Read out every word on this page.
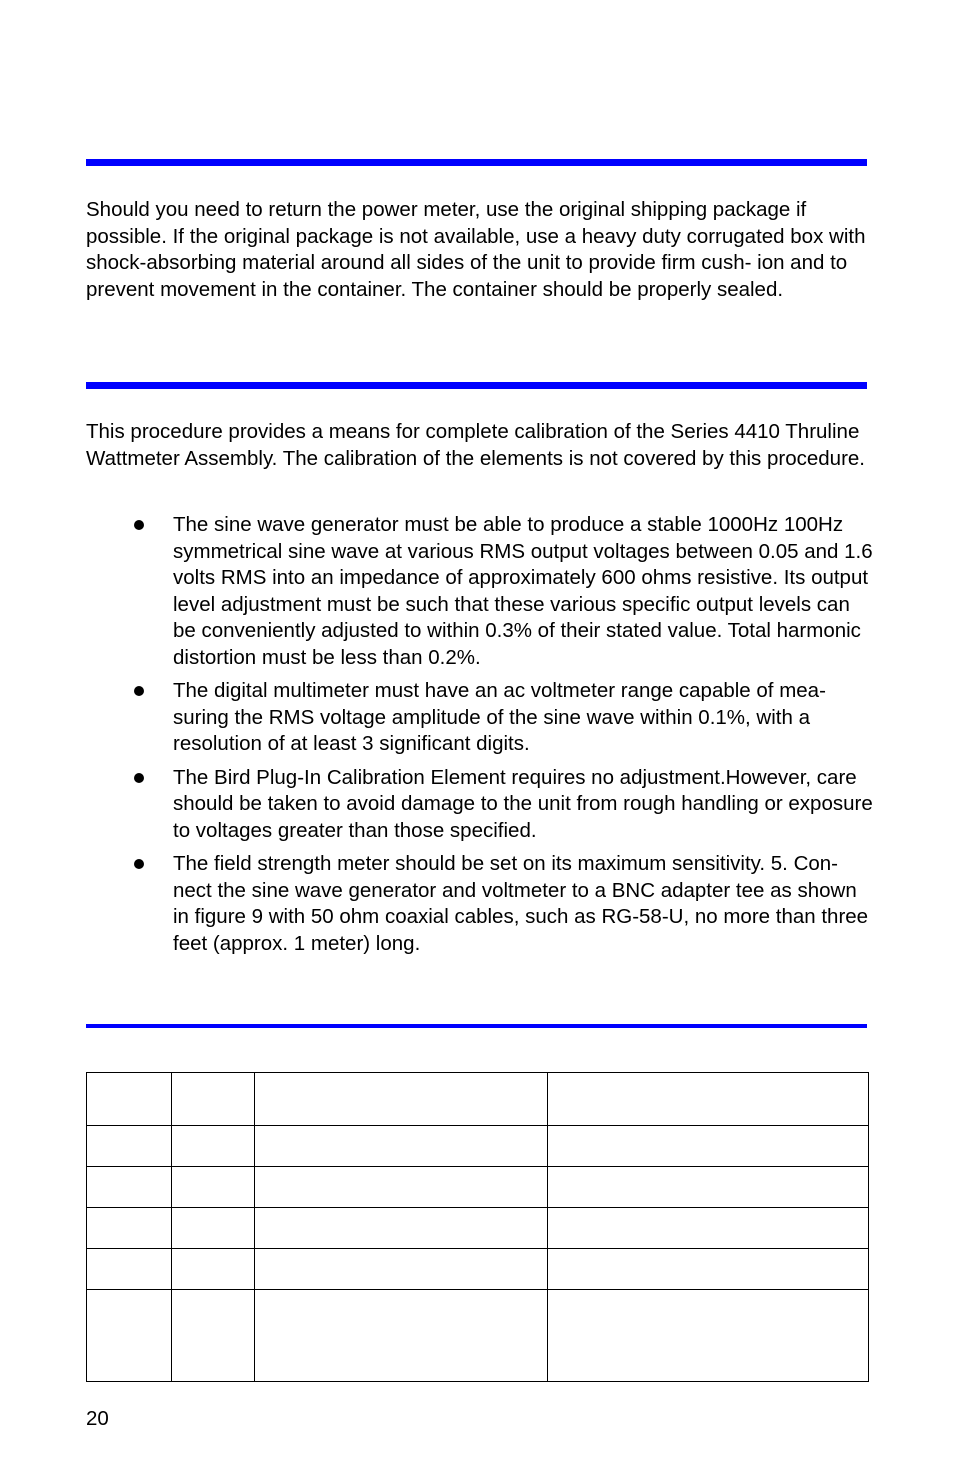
Should you need to return the power meter, use the original shipping package if possible. If the original package is not available, use a heavy duty corrugated box with shock-absorbing material around all sides of the unit to provide firm cush- ion and to prevent movement in the container. The container should be properly sealed.

This procedure provides a means for complete calibration of the Series 4410 Thruline Wattmeter Assembly. The calibration of the elements is not covered by this procedure.

The sine wave generator must be able to produce a stable 1000Hz 100Hz symmetrical sine wave at various RMS output voltages between 0.05 and 1.6 volts RMS into an impedance of approximately 600 ohms resistive. Its output level adjustment must be such that these various specific output levels can be conveniently adjusted to within 0.3% of their stated value. Total harmonic distortion must be less than 0.2%.
The digital multimeter must have an ac voltmeter range capable of mea- suring the RMS voltage amplitude of the sine wave within 0.1%, with a resolution of at least 3 significant digits.
The Bird Plug-In Calibration Element requires no adjustment.However, care should be taken to avoid damage to the unit from rough handling or exposure to voltages greater than those specified.
The field strength meter should be set on its maximum sensitivity. 5. Con- nect the sine wave generator and voltmeter to a BNC adapter tee as shown in figure 9 with 50 ohm coaxial cables, such as RG-58-U, no more than three feet (approx. 1 meter) long.

20
